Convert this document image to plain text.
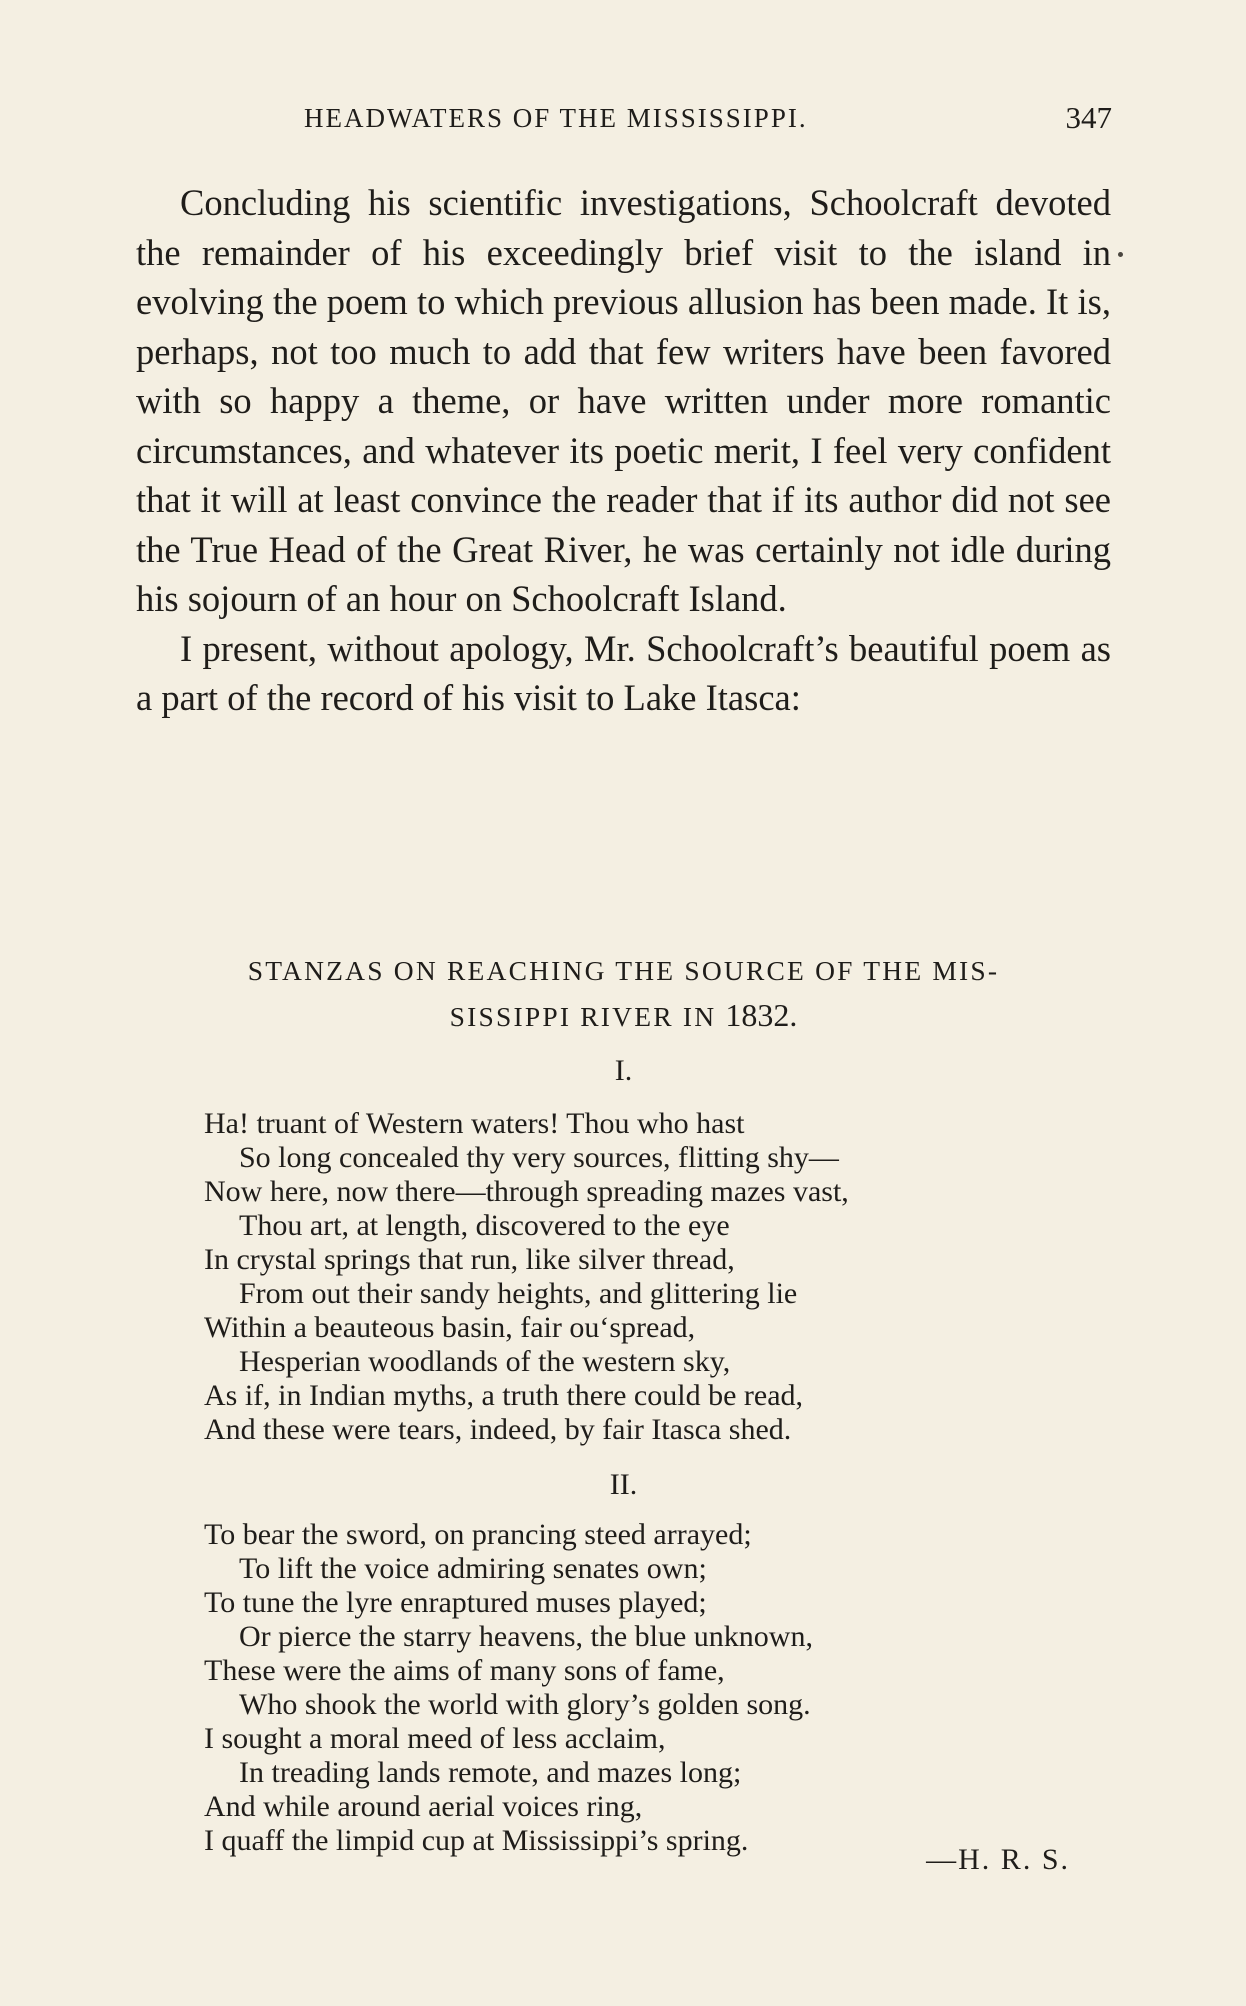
HEADWATERS OF THE MISSISSIPPI.	347

Concluding his scientific investigations, Schoolcraft devoted the remainder of his exceedingly brief visit to the island in evolving the poem to which previous allusion has been made. It is, perhaps, not too much to add that few writers have been favored with so happy a theme, or have written under more romantic circumstances, and whatever its poetic merit, I feel very confident that it will at least convince the reader that if its author did not see the True Head of the Great River, he was certainly not idle during his sojourn of an hour on Schoolcraft Island.

I present, without apology, Mr. Schoolcraft’s beautiful poem as a part of the record of his visit to Lake Itasca:

STANZAS ON REACHING THE SOURCE OF THE MIS-
SISSIPPI RIVER IN 1832.
I.
Ha! truant of Western waters! Thou who hast
So long concealed thy very sources, flitting shy—
Now here, now there—through spreading mazes vast,
Thou art, at length, discovered to the eye
In crystal springs that run, like silver thread,
From out their sandy heights, and glittering lie
Within a beauteous basin, fair ou‘spread,
Hesperian woodlands of the western sky,
As if, in Indian myths, a truth there could be read,
And these were tears, indeed, by fair Itasca shed.
II.
To bear the sword, on prancing steed arrayed;
To lift the voice admiring senates own;
To tune the lyre enraptured muses played;
Or pierce the starry heavens, the blue unknown,
These were the aims of many sons of fame,
Who shook the world with glory’s golden song.
I sought a moral meed of less acclaim,
In treading lands remote, and mazes long;
And while around aerial voices ring,
I quaff the limpid cup at Mississippi’s spring.
—H. R. S.
